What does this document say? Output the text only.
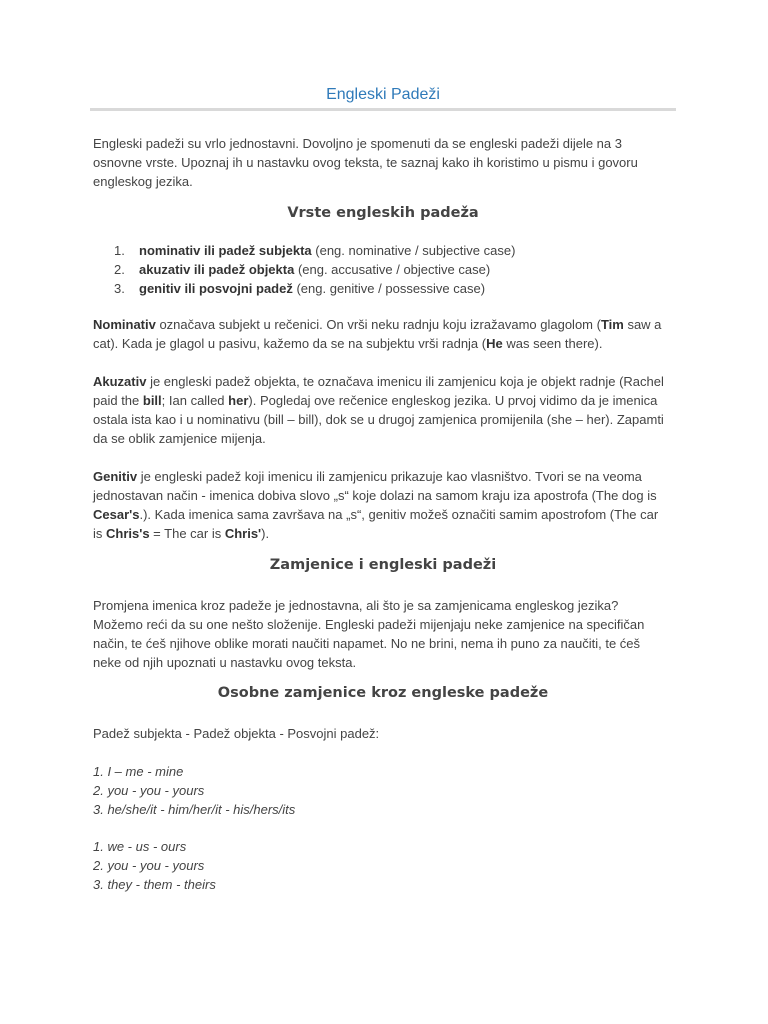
Engleski Padeži

Engleski padeži su vrlo jednostavni. Dovoljno je spomenuti da se engleski padeži dijele na 3 osnovne vrste. Upoznaj ih u nastavku ovog teksta, te saznaj kako ih koristimo u pismu i govoru engleskog jezika.

Vrste engleskih padeža
1. nominativ ili padež subjekta (eng. nominative / subjective case)
2. akuzativ ili padež objekta (eng. accusative / objective case)
3. genitiv ili posvojni padež (eng. genitive / possessive case)

Nominativ označava subjekt u rečenici. On vrši neku radnju koju izražavamo glagolom (Tim saw a cat). Kada je glagol u pasivu, kažemo da se na subjektu vrši radnja (He was seen there).

Akuzativ je engleski padež objekta, te označava imenicu ili zamjenicu koja je objekt radnje (Rachel paid the bill; Ian called her). Pogledaj ove rečenice engleskog jezika. U prvoj vidimo da je imenica ostala ista kao i u nominativu (bill – bill), dok se u drugoj zamjenica promijenila (she – her). Zapamti da se oblik zamjenice mijenja.

Genitiv je engleski padež koji imenicu ili zamjenicu prikazuje kao vlasništvo. Tvori se na veoma jednostavan način - imenica dobiva slovo „s“ koje dolazi na samom kraju iza apostrofa (The dog is Cesar's.). Kada imenica sama završava na „s“, genitiv možeš označiti samim apostrofom (The car is Chris's = The car is Chris').

Zamjenice i engleski padeži

Promjena imenica kroz padeže je jednostavna, ali što je sa zamjenicama engleskog jezika? Možemo reći da su one nešto složenije. Engleski padeži mijenjaju neke zamjenice na specifičan način, te ćeš njihove oblike morati naučiti napamet. No ne brini, nema ih puno za naučiti, te ćeš neke od njih upoznati u nastavku ovog teksta.

Osobne zamjenice kroz engleske padeže

Padež subjekta - Padež objekta - Posvojni padež:

1. I – me - mine
2. you - you - yours
3. he/she/it - him/her/it - his/hers/its
1. we - us - ours
2. you - you - yours
3. they - them - theirs
